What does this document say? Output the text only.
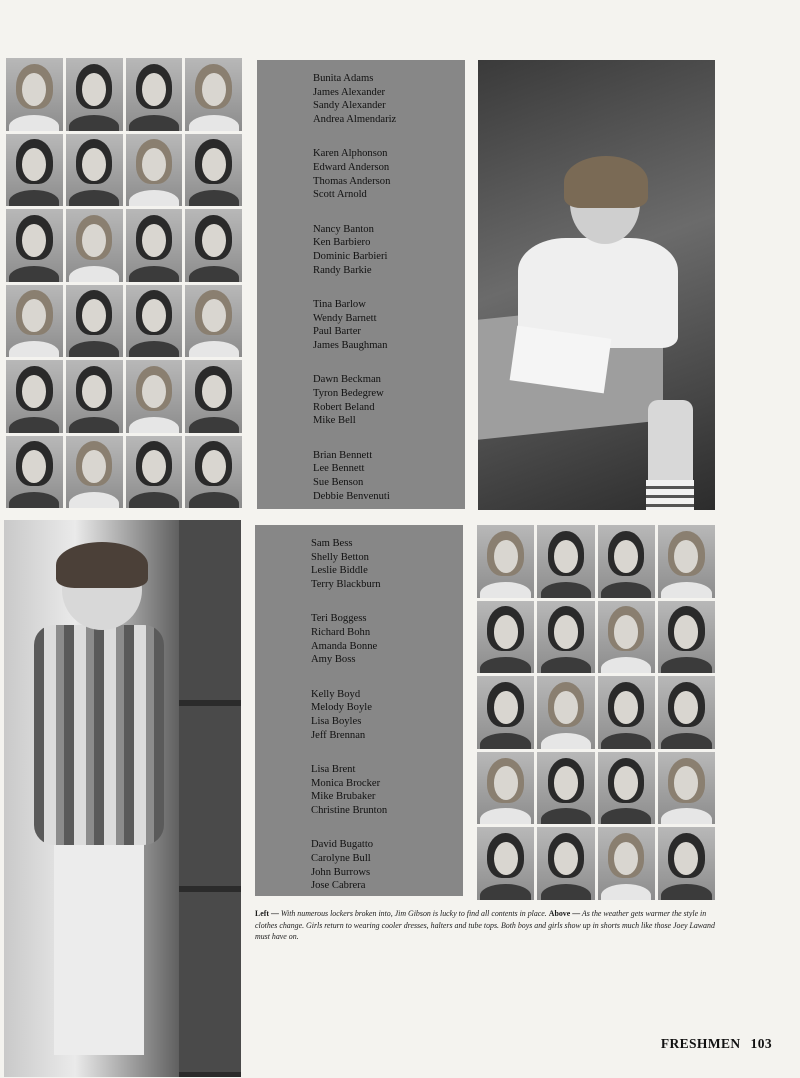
Bunita Adams
James Alexander
Sandy Alexander
Andrea Almendariz
Karen Alphonson
Edward Anderson
Thomas Anderson
Scott Arnold
Nancy Banton
Ken Barbiero
Dominic Barbieri
Randy Barkie
Tina Barlow
Wendy Barnett
Paul Barter
James Baughman
Dawn Beckman
Tyron Bedegrew
Robert Beland
Mike Bell
Brian Bennett
Lee Bennett
Sue Benson
Debbie Benvenuti
Sam Bess
Shelly Betton
Leslie Biddle
Terry Blackburn
Teri Boggess
Richard Bohn
Amanda Bonne
Amy Boss
Kelly Boyd
Melody Boyle
Lisa Boyles
Jeff Brennan
Lisa Brent
Monica Brocker
Mike Brubaker
Christine Brunton
David Bugatto
Carolyne Bull
John Burrows
Jose Cabrera
Left — With numerous lockers broken into, Jim Gibson is lucky to find all contents in place. Above — As the weather gets warmer the style in clothes change. Girls return to wearing cooler dresses, halters and tube tops. Both boys and girls show up in shorts much like those Joey Lawand must have on.
FRESHMEN 103
